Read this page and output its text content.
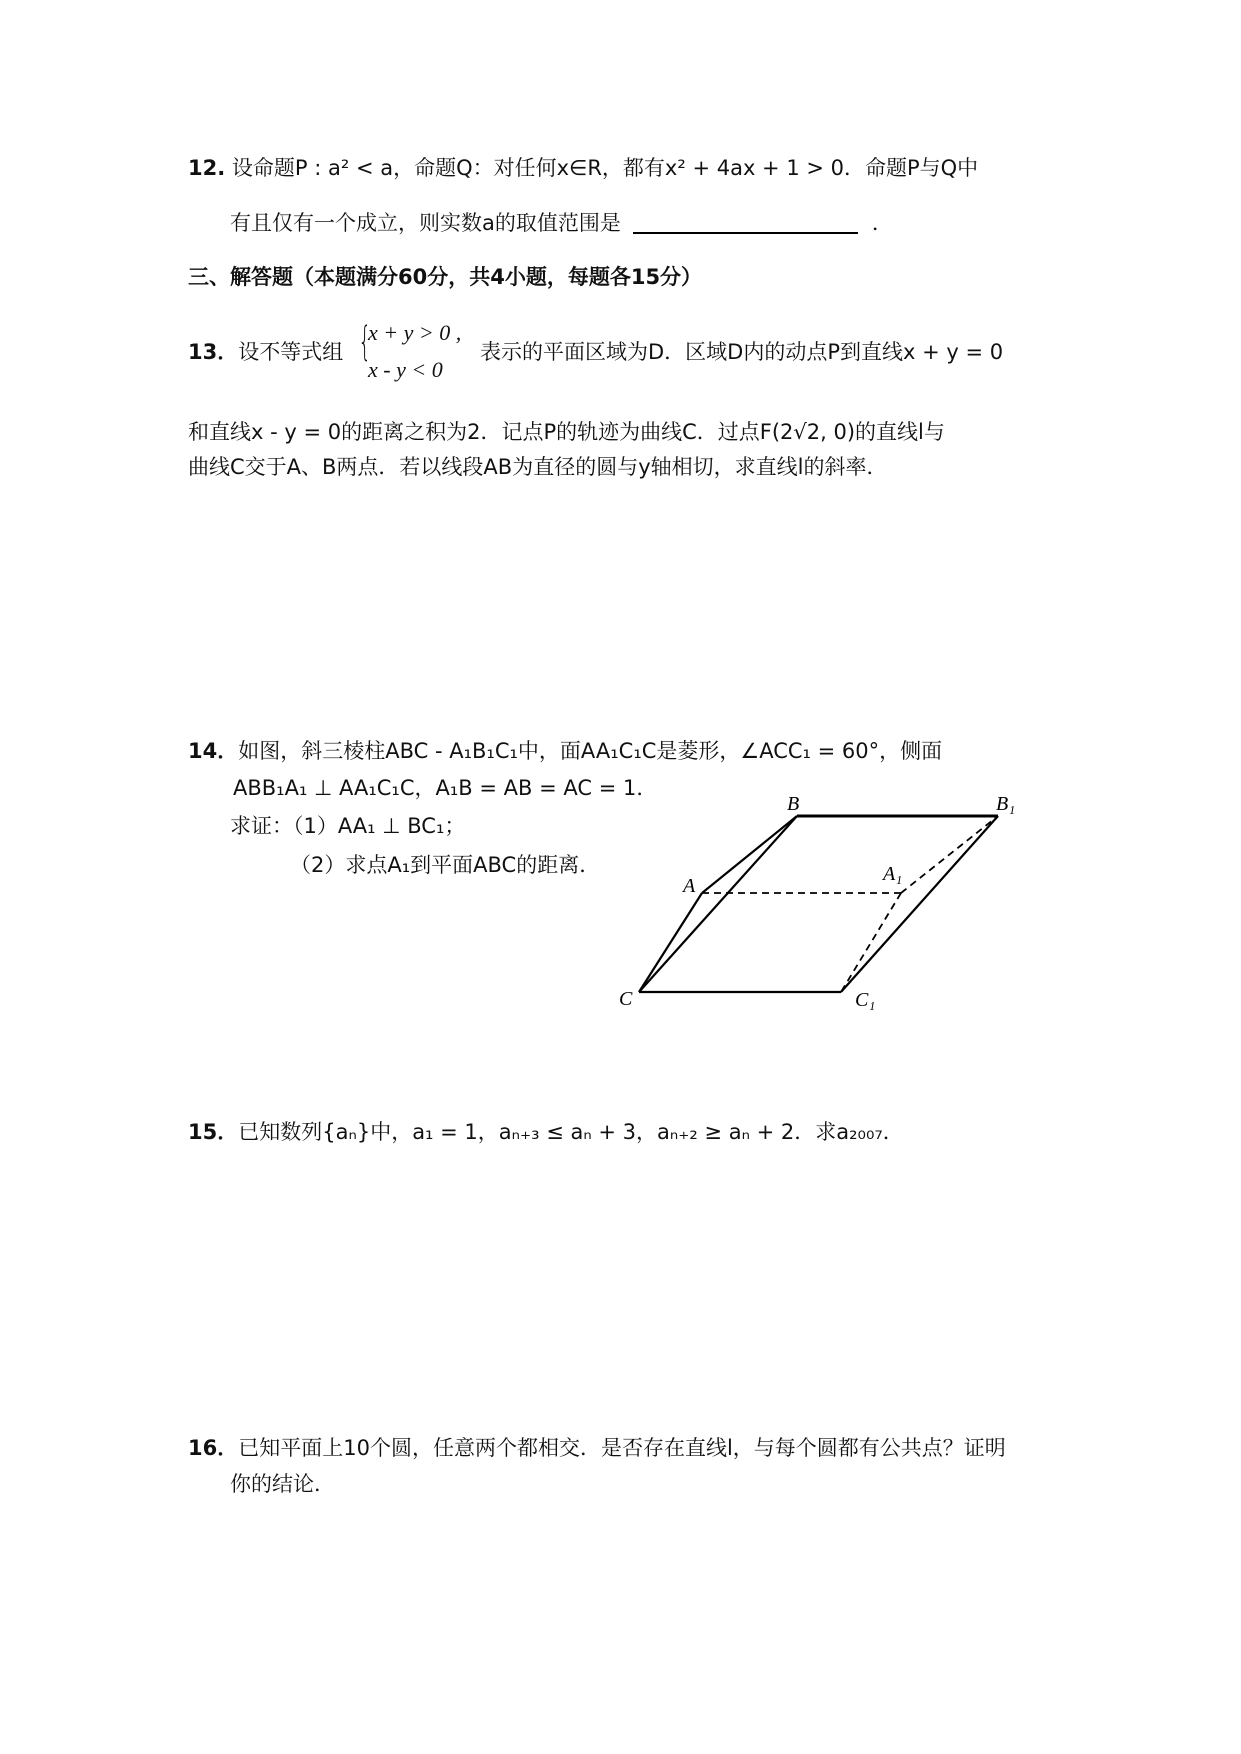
12. 设命题P : a² < a，命题Q：对任何x∈R，都有x² + 4ax + 1 > 0．命题P与Q中
有且仅有一个成立，则实数a的取值范围是	．
三、解答题（本题满分60分，共4小题，每题各15分）
13．设不等式组 {
x + y > 0 ,
x - y < 0
表示的平面区域为D．区域D内的动点P到直线x + y = 0
和直线x - y = 0的距离之积为2．记点P的轨迹为曲线C．过点F(2√2, 0)的直线l与
曲线C交于A、B两点．若以线段AB为直径的圆与y轴相切，求直线l的斜率．
14．如图，斜三棱柱ABC - A₁B₁C₁中，面AA₁C₁C是菱形，∠ACC₁ = 60°，侧面
ABB₁A₁ ⊥ AA₁C₁C，A₁B = AB = AC = 1．
求证：（1）AA₁ ⊥ BC₁；
（2）求点A₁到平面ABC的距离．
B	B₁
A
A₁
C	C₁
15．已知数列{aₙ}中，a₁ = 1，aₙ₊₃ ≤ aₙ + 3，aₙ₊₂ ≥ aₙ + 2．求a₂₀₀₇．
16．已知平面上10个圆，任意两个都相交．是否存在直线l，与每个圆都有公共点？证明
你的结论．
